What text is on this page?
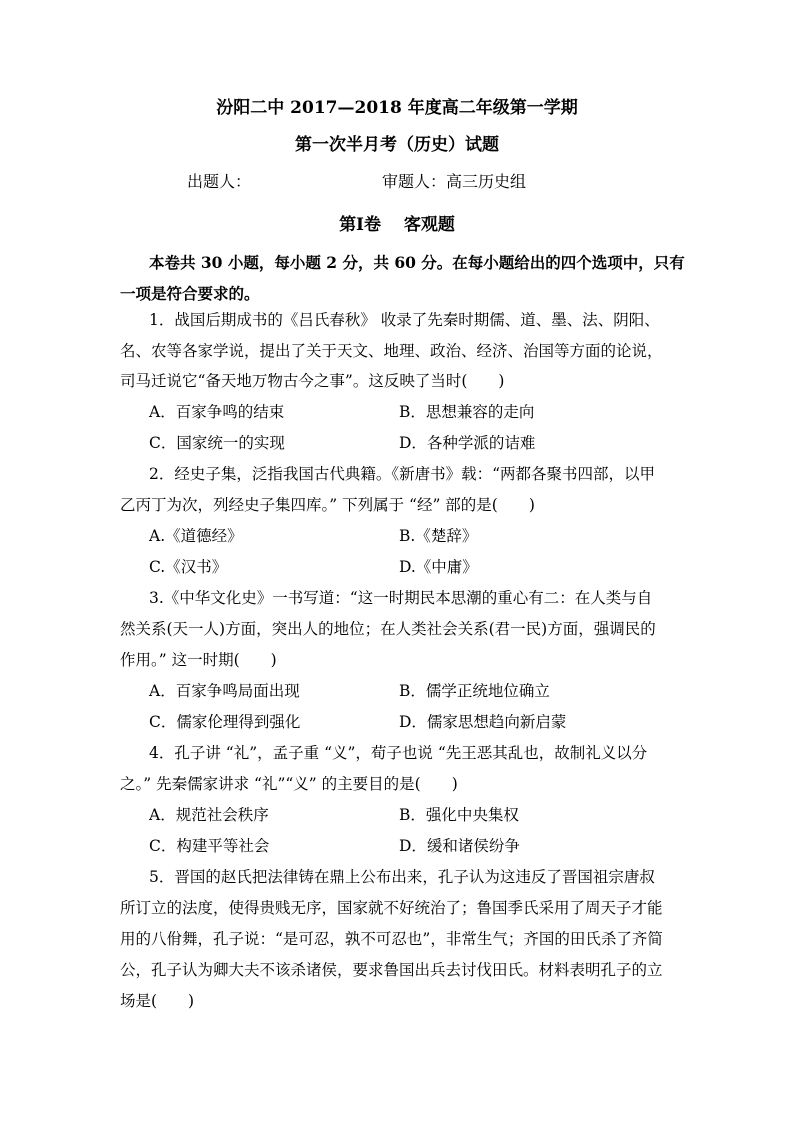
汾阳二中 2017—2018 年度高二年级第一学期
第一次半月考（历史）试题
出题人：	审题人：高三历史组
第Ⅰ卷　 客观题
本卷共 30 小题，每小题 2 分，共 60 分。在每小题给出的四个选项中，只有
一项是符合要求的。
1．战国后期成书的《吕氏春秋》 收录了先秦时期儒、道、墨、法、阴阳、
名、农等各家学说，提出了关于天文、地理、政治、经济、治国等方面的论说，
司马迁说它“备天地万物古今之事”。这反映了当时(　　)
A．百家争鸣的结束	B．思想兼容的走向
C．国家统一的实现	D．各种学派的诘难
2．经史子集，泛指我国古代典籍。《新唐书》载：“两都各聚书四部，以甲
乙丙丁为次，列经史子集四库。” 下列属于 “经” 部的是(　　)
A.《道德经》	B.《楚辞》
C.《汉书》	D.《中庸》
3.《中华文化史》一书写道：“这一时期民本思潮的重心有二：在人类与自
然关系(天一人)方面，突出人的地位；在人类社会关系(君一民)方面，强调民的
作用。” 这一时期(　　)
A．百家争鸣局面出现	B．儒学正统地位确立
C．儒家伦理得到强化	D．儒家思想趋向新启蒙
4．孔子讲 “礼”，孟子重 “义”，荀子也说 “先王恶其乱也，故制礼义以分
之。” 先秦儒家讲求 “礼”“义” 的主要目的是(　　)
A．规范社会秩序	B．强化中央集权
C．构建平等社会	D．缓和诸侯纷争
5．晋国的赵氏把法律铸在鼎上公布出来，孔子认为这违反了晋国祖宗唐叔
所订立的法度，使得贵贱无序，国家就不好统治了；鲁国季氏采用了周天子才能
用的八佾舞，孔子说：“是可忍，孰不可忍也”，非常生气；齐国的田氏杀了齐简
公，孔子认为卿大夫不该杀诸侯，要求鲁国出兵去讨伐田氏。材料表明孔子的立
场是(　　)
